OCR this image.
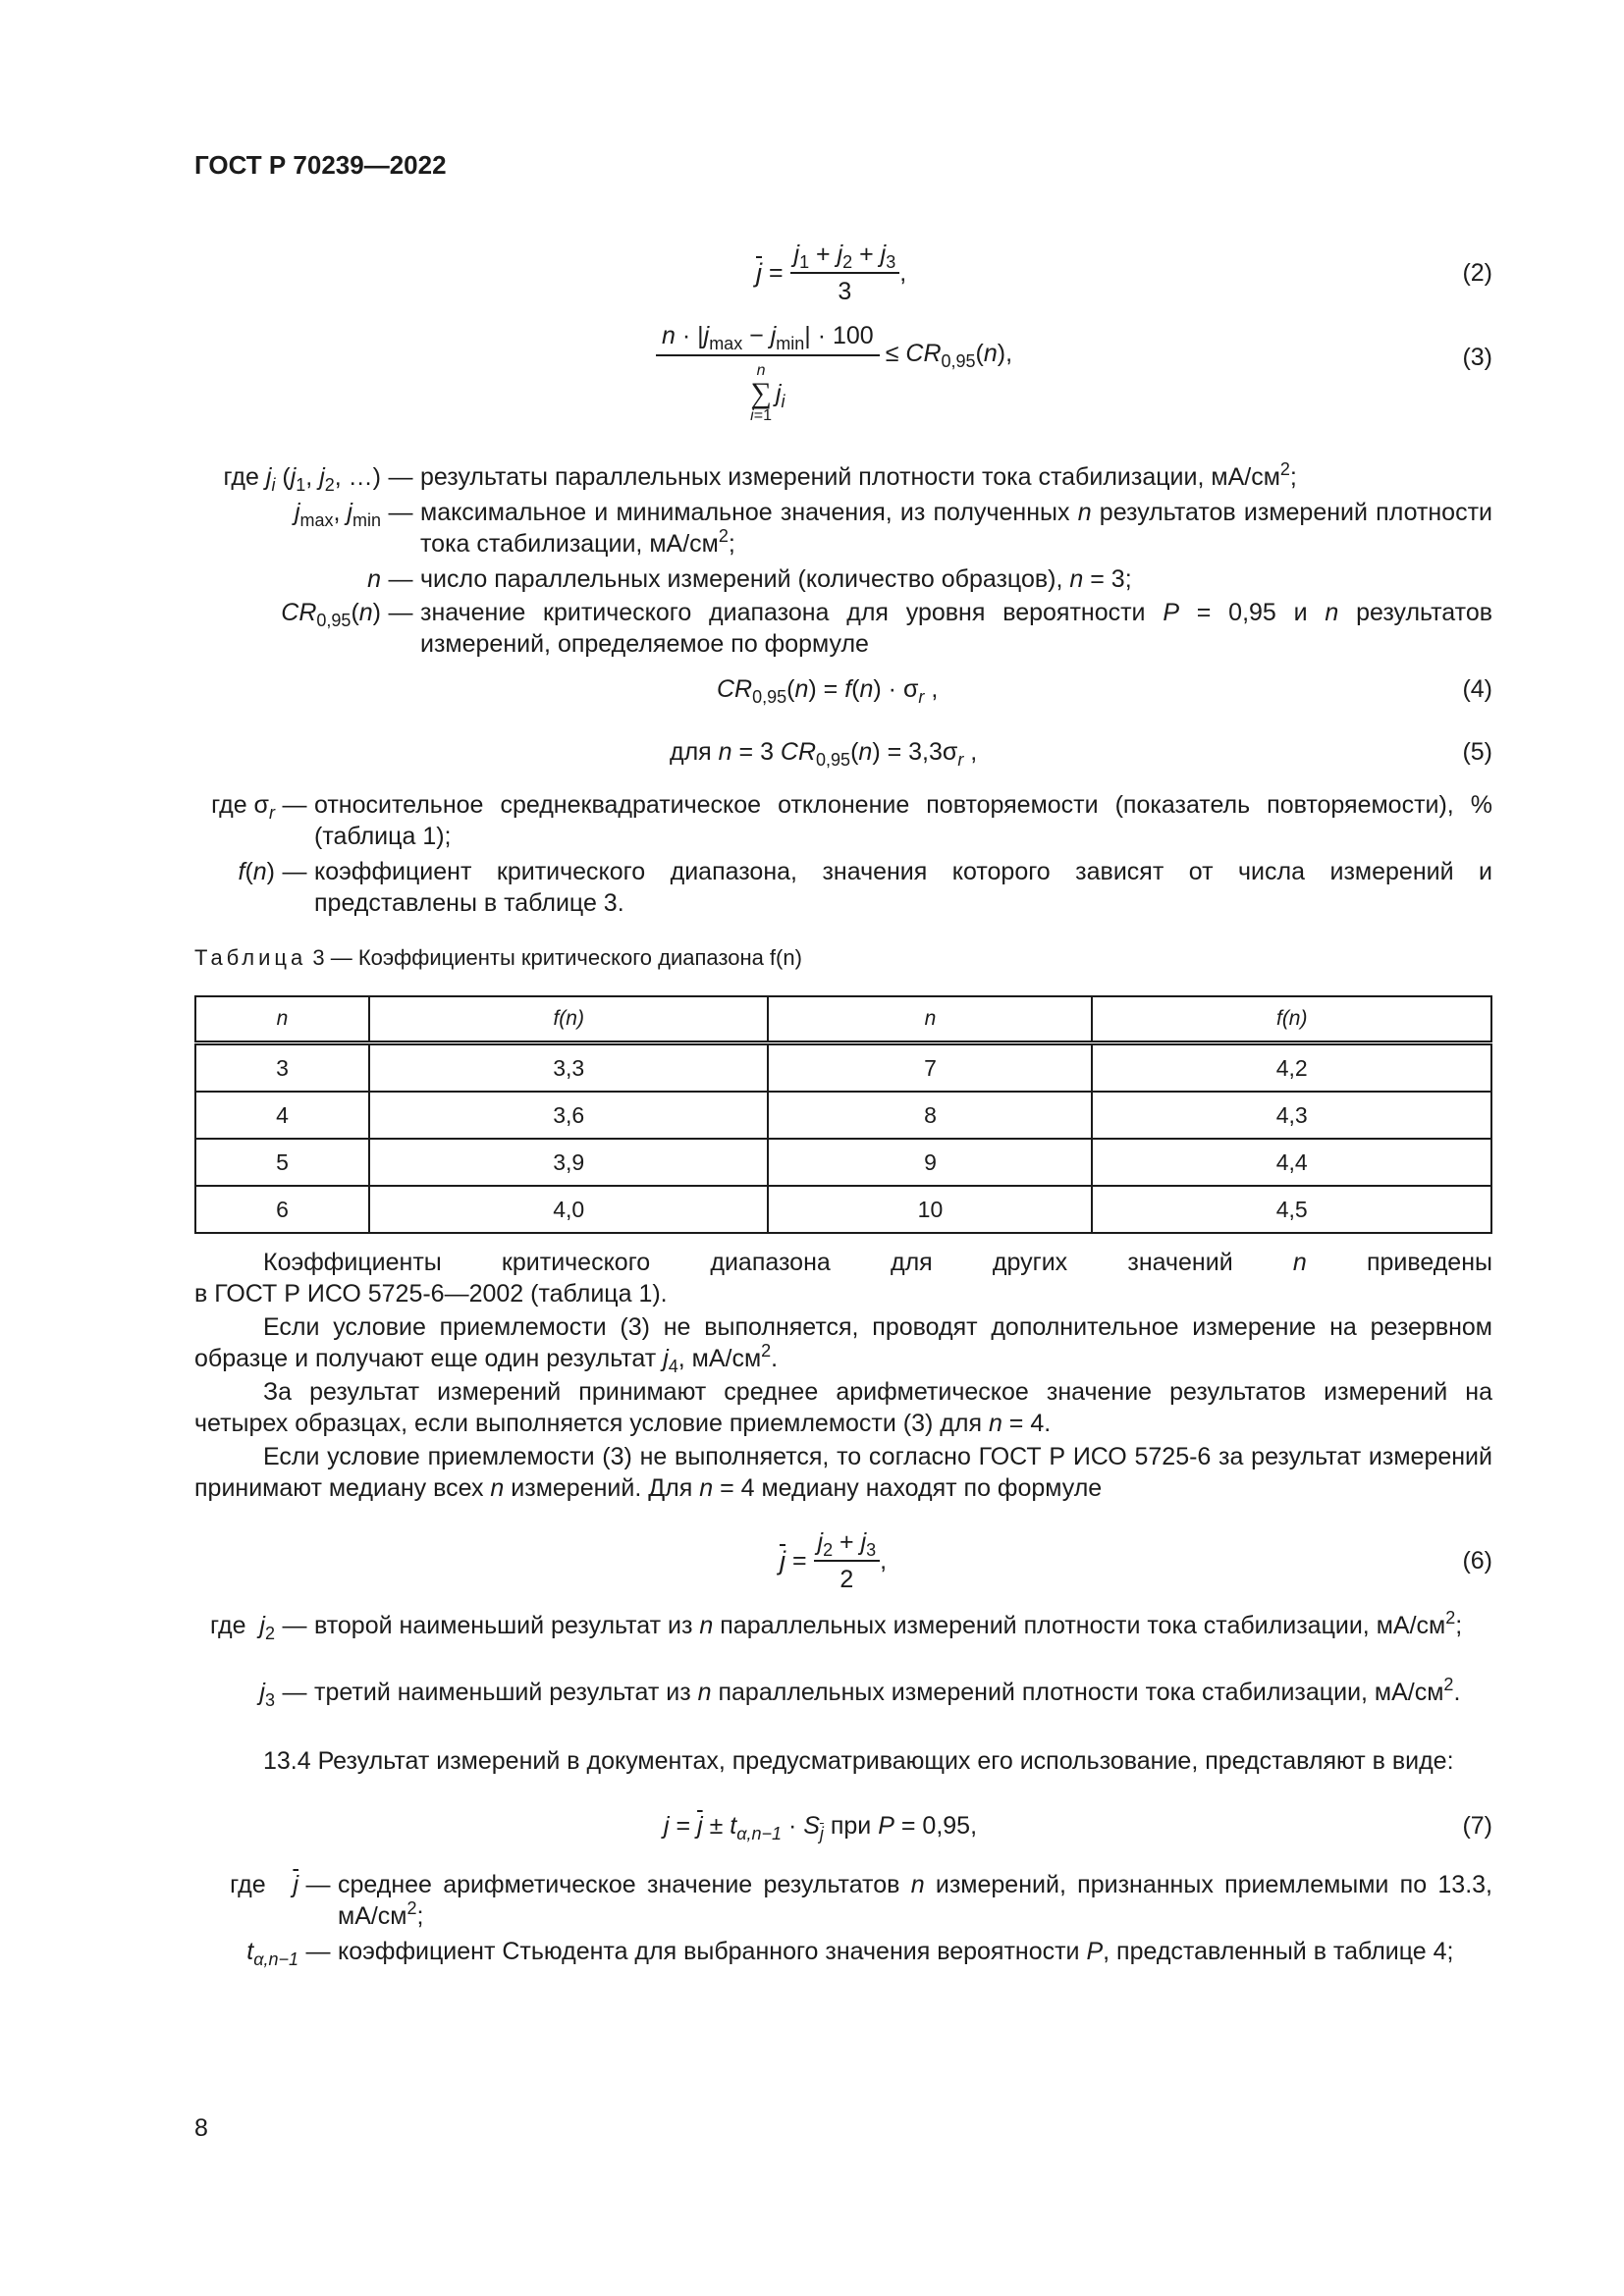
ГОСТ Р 70239—2022
$\overline{j} = \frac{j_1 + j_2 + j_3}{3}$ ,	(2)
$n \cdot |j_{max} - j_{min}| \cdot 100$
n
∑
i=1
$j_i$
≤ $CR_{0,95}(n)$,	(3)
где $j_i$ ($j_1$, $j_2$, …) — результаты параллельных измерений плотности тока стабилизации, $мА/см^2$;
$j_{max}$, $j_{min}$ — максимальное и минимальное значения, из полученных n результатов измерений плотности тока стабилизации, $мА/см^2$;
n — число параллельных измерений (количество образцов), n = 3;
$CR_{0,95}(n)$ — значение критического диапазона для уровня вероятности P = 0,95 и n результатов измерений, определяемое по формуле
$CR_{0,95}(n) = f(n) \cdot \sigma_r$ ,	(4)
для n = 3 $CR_{0,95}(n) = 3,3\sigma_r$ ,	(5)
где $\sigma_r$ — относительное среднеквадратическое отклонение повторяемости (показатель повторяемости), % (таблица 1);
f(n) — коэффициент критического диапазона, значения которого зависят от числа измерений и представлены в таблице 3.
Таблица 3 — Коэффициенты критического диапазона f(n)
n	f(n)	n	f(n)
3	3,3	7	4,2
4	3,6	8	4,3
5	3,9	9	4,4
6	4,0	10	4,5
Коэффициенты критического диапазона для других значений n приведены в ГОСТ Р ИСО 5725-6—2002 (таблица 1).
Если условие приемлемости (3) не выполняется, проводят дополнительное измерение на резервном образце и получают еще один результат $j_4$, $мА/см^2$.
За результат измерений принимают среднее арифметическое значение результатов измерений на четырех образцах, если выполняется условие приемлемости (3) для n = 4.
Если условие приемлемости (3) не выполняется, то согласно ГОСТ Р ИСО 5725-6 за результат измерений принимают медиану всех n измерений. Для n = 4 медиану находят по формуле
$\overline{j} = \frac{j_2 + j_3}{2}$ ,	(6)
где  $j_2$ — второй наименьший результат из n параллельных измерений плотности тока стабилизации, $мА/см^2$;
$j_3$ — третий наименьший результат из n параллельных измерений плотности тока стабилизации, $мА/см^2$.
13.4 Результат измерений в документах, предусматривающих его использование, представляют в виде:
$j = \overline{j} \pm t_{\alpha,n-1} \cdot S_{\overline{j}}$ при P = 0,95,	(7)
где    $\overline{j}$ — среднее арифметическое значение результатов n измерений, признанных приемлемыми по 13.3, $мА/см^2$;
$t_{\alpha,n-1}$ — коэффициент Стьюдента для выбранного значения вероятности P, представленный в таблице 4;
8
